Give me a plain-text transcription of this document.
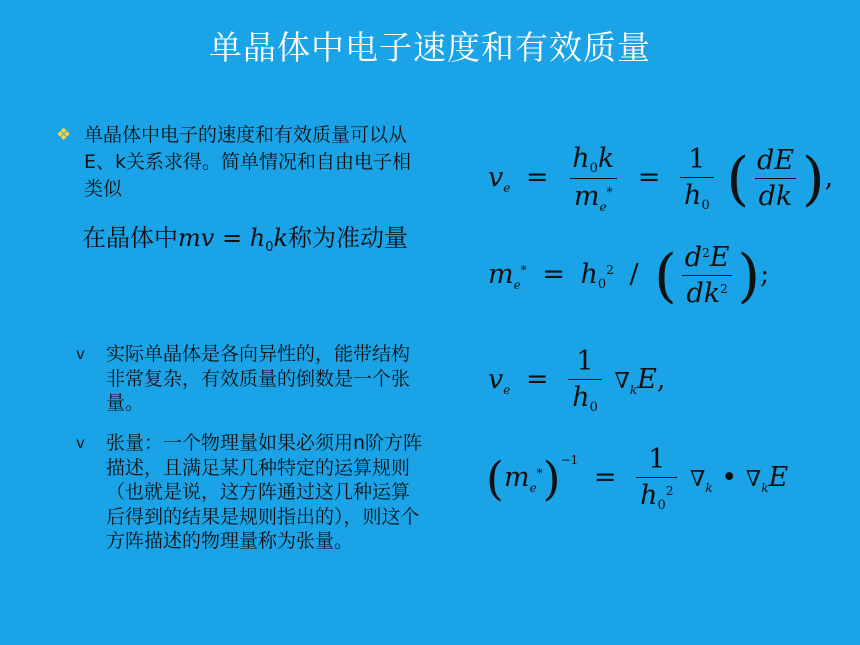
单晶体中电子速度和有效质量
❖ 单晶体中电子的速度和有效质量可以从E、k关系求得。简单情况和自由电子相类似
在晶体中mv = $h_0k$称为准动量
v 实际单晶体是各向异性的，能带结构非常复杂，有效质量的倒数是一个张量。
v 张量：一个物理量如果必须用n阶方阵描述，且满足某几种特定的运算规则（也就是说，这方阵通过这几种运算后得到的结果是规则指出的），则这个方阵描述的物理量称为张量。
$v_e = \frac{h_0k}{m_e^*} = \frac{1}{h_0}$ ( $\frac{dE}{dk}$ ),
$m_e^* = h_0^2$ / ( $\frac{d^2E}{dk^2}$ );
$v_e = \frac{1}{h_0} \nabla_kE$,
$(m_e^*)^{-1} = \frac{1}{h_0^2} \nabla_k$ • $\nabla_kE$
